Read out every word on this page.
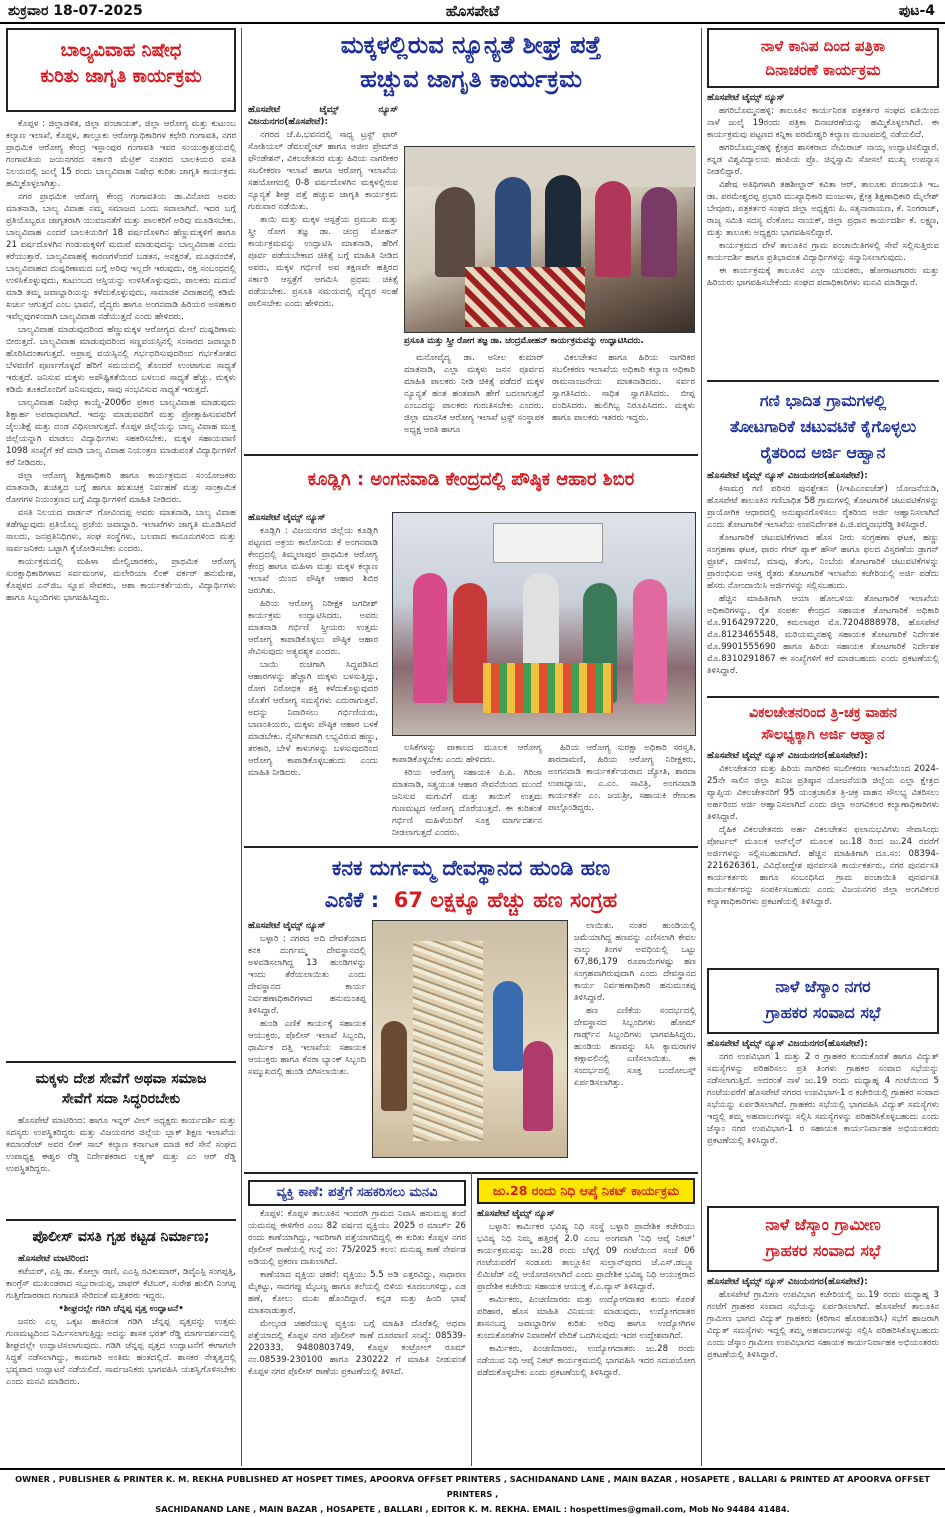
ಶುಕ್ರವಾರ 18-07-2025	ಹೊಸಪೇಟೆ	ಪುಟ-4
ಬಾಲ್ಯವಿವಾಹ ನಿಷೇಧ
ಕುರಿತು ಜಾಗೃತಿ ಕಾರ್ಯಕ್ರಮ

ಕೊಪ್ಪಳ : ಜಿಲ್ಲಾಡಳಿತ, ಜಿಲ್ಲಾ ಪಂಚಾಯತ್, ಜಿಲ್ಲಾ ಆರೋಗ್ಯ ಮತ್ತು ಕುಟುಂಬ ಕಲ್ಯಾಣ ಇಲಾಖೆ, ಕೊಪ್ಪಳ, ತಾಲ್ಲೂಕು ಆರೋಗ್ಯಾಧಿಕಾರಿಗಳ ಕಛೇರಿ ಗಂಗಾವತಿ, ನಗರ ಪ್ರಾಥಮಿಕ ಆರೋಗ್ಯ ಕೇಂದ್ರ ಇಸ್ಲಾಂಪುರ ಗಂಗಾವತಿ ಇವರ ಸಂಯುಕ್ತಾಶ್ರಯದಲ್ಲಿ ಗಂಗಾವತಿಯ ಜಯನಗರದ ಸರ್ಕಾರಿ ಮೆಟ್ರಿಕ್ ನಂತರದ ಬಾಲಕಿಯರ ವಸತಿ ನಿಲಯದಲ್ಲಿ ಜುಲೈ 15 ರಂದು ಬಾಲ್ಯವಿವಾಹ ನಿಷೇಧ ಕುರಿತು ಜಾಗೃತಿ ಕಾರ್ಯಕ್ರಮ ಹಮ್ಮಿಕೊಳ್ಳಲಾಗಿತ್ತು.

ನಗರ ಪ್ರಾಥಮಿಕ ಆರೋಗ್ಯ ಕೇಂದ್ರ ಗಂಗಾವತಿಯ ಡಾ.ವಿನೋದ ಅವರು ಮಾತನಾಡಿ, ಬಾಲ್ಯ ವಿವಾಹ ನಮ್ಮ ಸಮಾಜದ ಒಂದು ಸವಾಲಾಗಿದೆ. ಇದರ ಬಗ್ಗೆ ಪ್ರತಿಯೊಬ್ಬರೂ ಜಾಗೃತರಾಗಿ ಯುವಜನತೆಗೆ ಮತ್ತು ಪಾಲಕರಿಗೆ ಅರಿವು ಮೂಡಿಸಬೇಕು. ಬಾಲ್ಯವಿವಾಹ ಎಂದರೆ ಬಾಲಕಿಯರಿಗೆ 18 ವರ್ಷದೊಳಗಿನ ಹೆಣ್ಣುಮಕ್ಕಳಿಗೆ ಹಾಗೂ 21 ವರ್ಷದೊಳಗಿನ ಗಂಡುಮಕ್ಕಳಿಗೆ ಮದುವೆ ಮಾಡುವುದನ್ನು ಬಾಲ್ಯವಿವಾಹ ಎಂದು ಕರೆಯುತ್ತಾರೆ. ಬಾಲ್ಯವಿವಾಹಕ್ಕೆ ಕಾರಣಗಳೆಂದರೆ ಬಡತನ, ಅನಕ್ಷರತೆ, ಮೂಢನಂಬಿಕೆ, ಬಾಲ್ಯವಿವಾಹದ ದುಷ್ಪರಿಣಾಮದ ಬಗ್ಗೆ ಅರಿವು ಇಲ್ಲದೇ ಇರುವುದು, ರಕ್ತ ಸಂಬಂಧದಲ್ಲಿ ಉಳಿಸಿಕೊಳ್ಳುವುದು, ಕುಟುಂಬದ ಆಸ್ತಿಯನ್ನು ಉಳಿಸಿಕೊಳ್ಳುವುದು, ಪಾಲಕರು ಮದುವೆ ಮಾಡಿ ತಮ್ಮ ಜವಾಬ್ದಾರಿಯನ್ನು ಕಳೆದುಕೊಳ್ಳುವುದು, ಸಾಮಾಜಿಕ ವಿವಾಹದಲ್ಲಿ ಕಡಿಮೆ ಖರ್ಚು ಆಗುತ್ತದೆ ಎಂಬ ಭಾವನೆ, ವೈದ್ಯರು ಹಾಗೂ ಅಂಗನವಾಡಿ ಹಿರಿಯರ ಅಸಹಕಾರ ಇವೆಲ್ಲವುಗಳಿಂದಾಗಿ ಬಾಲ್ಯವಿವಾಹ ನಡೆಯುತ್ತದೆ ಎಂದು ಹೇಳಿದರು.

ಬಾಲ್ಯವಿವಾಹ ಮಾಡುವುದರಿಂದ ಹೆಣ್ಣುಮಕ್ಕಳ ಆರೋಗ್ಯದ ಮೇಲೆ ದುಷ್ಪರಿಣಾಮ ಬೀರುತ್ತದೆ. ಬಾಲ್ಯವಿವಾಹ ಮಾಡುವುದರಿಂದ ಸಣ್ಣವಯಸ್ಸಿನಲ್ಲಿ ಸಂಸಾರದ ಜವಾಬ್ದಾರಿ ಹೊರಿಸಿದಂತಾಗುತ್ತದೆ. ಅಪ್ರಾಪ್ತ ವಯಸ್ಸಿನಲ್ಲಿ ಗರ್ಭಧರಿಸುವುದರಿಂದ ಗರ್ಭಕೋಶದ ಬೆಳವಣಿಗೆ ಪೂರ್ಣಗೊಳ್ಳದೆ ಹೆರಿಗೆ ಸಮಯದಲ್ಲಿ ತೊಂದರೆ ಉಂಟಾಗುವ ಸಾಧ್ಯತೆ ಇರುತ್ತದೆ. ಜನಿಸುವ ಮಕ್ಕಳು ಅಪೌಷ್ಟಿಕತೆಯಿಂದ ಬಳಲುವ ಸಾಧ್ಯತೆ ಹೆಚ್ಚು. ಮಕ್ಕಳು ಕಡಿಮೆ ತೂಕದೊಂದಿಗೆ ಜನಿಸುವುದು, ಸಾವು ಸಂಭವಿಸುವ ಸಾಧ್ಯತೆ ಇರುತ್ತದೆ.

ಬಾಲ್ಯವಿವಾಹ ನಿಷೇಧ ಕಾಯ್ದೆ-2006ರ ಪ್ರಕಾರ ಬಾಲ್ಯವಿವಾಹ ಮಾಡುವುದು ಶಿಕ್ಷಾರ್ಹ ಅಪರಾಧವಾಗಿದೆ. ಇದನ್ನು ಮಾಡುವವರಿಗೆ ಮತ್ತು ಪ್ರೋತ್ಸಾಹಿಸುವವರಿಗೆ ಜೈಲುಶಿಕ್ಷೆ ಮತ್ತು ದಂಡ ವಿಧಿಸಲಾಗುತ್ತದೆ. ಕೊಪ್ಪಳ ಜಿಲ್ಲೆಯನ್ನು ಬಾಲ್ಯ ವಿವಾಹ ಮುಕ್ತ ಜಿಲ್ಲೆಯನ್ನಾಗಿ ಮಾಡಲು ವಿದ್ಯಾರ್ಥಿಗಳು ಸಹಕರಿಸಬೇಕು. ಮಕ್ಕಳ ಸಹಾಯವಾಣಿ 1098 ಸಂಖ್ಯೆಗೆ ಕರೆ ಮಾಡಿ ಬಾಲ್ಯ ವಿವಾಹ ನಿಯಂತ್ರಣ ಮಾಡುವಂತೆ ವಿದ್ಯಾರ್ಥಿಗಳಿಗೆ ಕರೆ ನೀಡಿದರು.

ಜಿಲ್ಲಾ ಆರೋಗ್ಯ ಶಿಕ್ಷಣಾಧಿಕಾರಿ ಹಾಗೂ ಕಾರ್ಯಕ್ರಮದ ಸಂಯೋಜಕರು ಮಾತನಾಡಿ, ಶುಚಿತ್ವದ ಬಗ್ಗೆ ಹಾಗೂ ಋತುಚಕ್ರ ನಿರ್ವಹಣೆ ಮತ್ತು ಸಾಂಕ್ರಾಮಿಕ ರೋಗಗಳ ನಿಯಂತ್ರಣದ ಬಗ್ಗೆ ವಿದ್ಯಾರ್ಥಿಗಳಿಗೆ ಮಾಹಿತಿ ನೀಡಿದರು.

ವಸತಿ ನಿಲಯದ ವಾರ್ಡನ್ ಗೋವಿಂದಪ್ಪ ಅವರು ಮಾತನಾಡಿ, ಬಾಲ್ಯ ವಿವಾಹ ತಡೆಗಟ್ಟುವುದು ಪ್ರತಿಯೊಬ್ಬ ಪ್ರಜೆಯ ಜವಾಬ್ದಾರಿ. ಇಲಾಖೆಗಳು ಜಾಗೃತಿ ಮೂಡಿಸಿದರೆ ಸಾಲದು, ಜನಪ್ರತಿನಿಧಿಗಳು, ಸಂಘ ಸಂಸ್ಥೆಗಳು, ಬಲವಾದ ಕಾನೂನುಗಳಿಂದ ಮತ್ತು ಸಾರ್ವಜನಿಕರು ಒಟ್ಟಾಗಿ ಕೈಜೋಡಿಸಬೇಕು ಎಂದರು.

ಕಾರ್ಯಕ್ರಮದಲ್ಲಿ ಮಹಿಳಾ ಮೇಲ್ವಿಚಾರಕರು, ಪ್ರಾಥಮಿಕ ಆರೋಗ್ಯ ಸುರಕ್ಷಾಧಿಕಾರಿಗಳಾದ ಸರ್ವಮಂಗಳ, ಮಲೇರಿಯಾ ಲಿಂಕ್ ವರ್ಕರ್ ಹನುಮೇಶ, ಕೊಪ್ಪಳದ ಎನ್‌ಜಿಒ ಸ್ನೂಪ ಸೇವಕರು, ಆಶಾ ಕಾರ್ಯಕರ್ತೆಯರು, ವಿದ್ಯಾರ್ಥಿಗಳು ಹಾಗೂ ಸಿಬ್ಬಂದಿಗಳು ಭಾಗವಹಿಸಿದ್ದರು.

ಮಕ್ಕಳು ದೇಶ ಸೇವೆಗೆ ಅಥವಾ ಸಮಾಜ
ಸೇವೆಗೆ ಸದಾ ಸಿದ್ಧರಿರಬೇಕು

ಹೊಸಪೇಟೆ ಮಾಟಿರಿಂದ: ಹಾಗೂ ಇನ್ನರ್ ವೀಲ್ ಅಧ್ಯಕ್ಷರು ಕಾರ್ಯದರ್ಶಿ ಮತ್ತು ಸದಸ್ಯರು ಉಪಸ್ಥಿತರಿದ್ದರು ಮತ್ತು ವಿಜಯನಗರ ಜಿಲ್ಲೆಯ ಬ್ಲಾಕ್ ಶಿಕ್ಷಣ ಇಲಾಖೆಯ ಕಮಾಂಡೆಂಟ್ ಅವರ ಲೀಕ್ ಸಾಬ್ ಕಲ್ಯಾಣ ಕರ್ನಾಟಕ ಮಾಜಿ ಕರೆ ಸೇನೆ ಸಂಘದ ಉಪಾಧ್ಯಕ್ಷ ಈಶ್ವರ ರೆಡ್ಡಿ ನಿರ್ದೇಶಕರಾದ ಲಕ್ಷ್ಮಣ್ ಮತ್ತು ಎಂ ಆರ್ ರೆಡ್ಡಿ ಉಪಸ್ಥಿತರಿದ್ದರು.

ಪೊಲೀಸ್ ವಸತಿ ಗೃಹ ಕಟ್ಟಡ ನಿರ್ಮಾಣ;

ಹೊಸಪೇಟೆ ಮಾಟಿರಿಂದ:

ಕಟೆಯರ್, ಎಸ್ಪಿ ಡಾ. ಕೋಲ್ಲಾ ರಾಣಿ, ಎಎಸ್ಪಿ ರವಿಕುಮಾರ್, ಡಿವೈಎಸ್ಪಿ ಸಂಗಪ್ಪತ್ತಿ, ಕಾಂಗ್ರೆಸ್ ಮುಖಂಡರಾದ ಸಬ್ಬುರಾಯಪ್ಪ, ಜಾಫರ್ ಕೆಟಿಬರ್, ಸುರೇಶ ಹುಲಿಗಿ ನಿಂಗಪ್ಪ ಗುತ್ತಿಗೆದಾರರಾದ ಗಂಗಾವತಿ ಸೇರಿದಂತೆ ಮತ್ತಿತರರು ಇದ್ದರು.

•ಶೀಘ್ರದಲ್ಲೇ ಗಡಿಗಿ ಚೆನ್ನಪ್ಪ ವೃತ್ತ ಉದ್ಘಾಟನೆ•

ಜನರು ಎಲ್ಲ ಒಕ್ಕಟ ಹಾಕಿದಂತ ಗಡಿಗಿ ಚೆನ್ನಪ್ಪ ವೃತ್ತವನ್ನು ಉತ್ತಮ ಗುಣಮಟ್ಟದಿಂದ ನಿರ್ಮಿಸಲಾಗುತ್ತಿದ್ದು ಅದನ್ನು ಶಾಸಕ ಭರತ್ ರೆಡ್ಡಿ ಮಾರ್ಗದರ್ಶನದಲ್ಲಿ ಶೀಘ್ರದಲ್ಲೇ ಉದ್ಘಾಟಿಸಲಾಗುವುದು. ಗಡಿಗಿ ಚೆನ್ನಪ್ಪ ವೃತ್ತದ ಉದ್ಘಾಟನೆಗೆ ಈಗಾಗಲೇ ಸಿದ್ಧತೆ ನಡೆಸಲಾಗಿದ್ದು, ಕಾಮಗಾರಿ ಅಂತಿಮ ಹಂತದಲ್ಲಿದೆ. ಶಾಸಕರ ನೇತೃತ್ವದಲ್ಲಿ ಭವ್ಯವಾದ ಉದ್ಘಾಟನೆ ನಡೆಯಲಿದೆ. ಸಾರ್ವಜನಿಕರು ಭಾಗವಹಿಸಿ ಯಶಸ್ವಿಗೊಳಿಸಬೇಕು ಎಂದು ಮನವಿ ಮಾಡಿದರು.

ಮಕ್ಕಳಲ್ಲಿರುವ ನ್ಯೂನ್ಯತೆ ಶೀಘ್ರ ಪತ್ತೆ
ಹಚ್ಚುವ ಜಾಗೃತಿ ಕಾರ್ಯಕ್ರಮ

ಹೊಸಪೇಟೆ ಟೈಮ್ಸ್ ನ್ಯೂಸ್ ವಿಜಯನಗರ(ಹೊಸಪೇಟೆ):

ನಗರದ ಜೆ.ಪಿ.ಭವನದಲ್ಲಿ ಸಾಧ್ಯ ಟ್ರಸ್ಟ್ ಫಾರ್ ಸೋಶಿಯಲ್ ಡೆವಲಪ್ಮೆಂಟ್ ಹಾಗೂ ಅಜೀಂ ಪ್ರೇಮ್‌ಜಿ ಫೌಂಡೇಶನ್, ವಿಕಲಚೇತನರ ಮತ್ತು ಹಿರಿಯ ನಾಗರೀಕರ ಸಬಲೀಕರಣ ಇಲಾಖೆ ಹಾಗೂ ಆರೋಗ್ಯ ಇಲಾಖೆಯ ಸಹಯೋಗದಲ್ಲಿ 0-8 ವರ್ಷದೊಳಗಿನ ಮಕ್ಕಳಲ್ಲಿರುವ ನ್ಯೂನ್ಯತೆ ಶೀಘ್ರ ಪತ್ತೆ ಹಚ್ಚುವ ಜಾಗೃತಿ ಕಾರ್ಯಕ್ರಮ ಗುರುವಾರ ನಡೆಯಿತು.

ತಾಯಿ ಮತ್ತು ಮಕ್ಕಳ ಆಸ್ಪತ್ರೆಯ ಪ್ರಮುಖ ಮತ್ತು ಸ್ತ್ರೀ ರೋಗ ತಜ್ಞ ಡಾ. ಚಂದ್ರ ಮೋಹನ್ ಕಾರ್ಯಕ್ರಮವನ್ನು ಉದ್ಘಾಟಿಸಿ ಮಾತನಾಡಿ, ಹೆರಿಗೆ ಪೂರ್ವ ಪಡೆಯಬೇಕಾದ ಚಿಕಿತ್ಸೆ ಬಗ್ಗೆ ಮಾಹಿತಿ ನೀಡಿದ ಅವರು, ಮಕ್ಕಳ ಗರ್ಭಿಣಿ ಅವ ತಕ್ಷಣವೇ ಹತ್ತಿರದ ಸರ್ಕಾರಿ ಆಸ್ಪತ್ರೆಗೆ ಆಗಮಿಸಿ ಪ್ರಥಮ ಚಿಕಿತ್ಸೆ ಪಡೆಯಬೇಕು. ಪ್ರಸೂತಿ ಸಮಯದಲ್ಲಿ ವೈದ್ಯರ ಸಲಹೆ ಪಾಲಿಸಬೇಕು ಎಂದು ಹೇಳಿದರು.

ಪ್ರಸೂತಿ ಮತ್ತು ಸ್ತ್ರೀ ರೋಗ ತಜ್ಞ ಡಾ. ಚಂದ್ರಮೋಹನ್ ಕಾರ್ಯಕ್ರಮವನ್ನು ಉದ್ಘಾಟಿಸಿದರು.

ಮನೋವೈದ್ಯ ಡಾ. ಅನೀಲ ಕುಮಾರ್ ಮಾತನಾಡಿ, ಎಲ್ಲಾ ಮಕ್ಕಳು ಜನನ ಪೂರ್ವದ ಮಾಹಿತಿ ಪಾಲಕರು ನೀಡಿ ಚಿಕಿತ್ಸೆ ಪಡೆದರೆ ಮಕ್ಕಳ ನ್ಯೂನ್ಯತೆ ಹಂತ ಹಂತವಾಗಿ ಹೇಗೆ ಬದಲಾಗುತ್ತದೆ ಎಂಬುದನ್ನು ಪಾಲಕರು ಗುರುತಿಸಬೇಕು ಎಂದರು. ಜಿಲ್ಲಾ ಮಾನಸಿಕ ಆರೋಗ್ಯ ಇಲಾಖೆ ಟ್ರಸ್ಟ್ ಸಂಸ್ಥಾಪಕ ಅಧ್ಯಕ್ಷ ಆರತಿ ಹಾಗೂ

ವಿಕಲಚೇತನ ಹಾಗೂ ಹಿರಿಯ ನಾಗರಿಕರ ಸಬಲೀಕರಣ ಇಲಾಖೆಯ ಅಧಿಕಾರಿ ಕಲ್ಯಾಣ ಅಧಿಕಾರಿ ರಾಮನಾಂಜನೇಯ ಮಾತನಾಡಿದರು. ಸರ್ವರ ಸ್ವಾಗತಿಸಿದರು. ಸಾಧಿತ ಸ್ವಾಗತಿಸಿದರು. ಬೀಪ್ಪ ವಂದಿಸಿದರು. ಹುಲಿಗಿಬ್ಬ ನಿರೂಪಿಸಿದರು. ಮಕ್ಕಳು ಹಾಗೂ ಪಾಲಕರು ಇತರರು ಇದ್ದರು.

ಕೂಡ್ಲಿಗಿ : ಅಂಗನವಾಡಿ ಕೇಂದ್ರದಲ್ಲಿ ಪೌಷ್ಠಿಕ ಆಹಾರ ಶಿಬಿರ

ಹೊಸಪೇಟೆ ಟೈಮ್ಸ್ ನ್ಯೂಸ್

ಕೂಡ್ಲಿಗಿ : ವಿಜಯನಗರ ಜಿಲ್ಲೆಯ ಕೂಡ್ಲಿಗಿ ಪಟ್ಟಣದ ಅಕ್ರಯ ಕಾಲೋನಿಯ ಕೆ ಅಂಗನವಾಡಿ ಕೇಂದ್ರದಲ್ಲಿ ತಿಮ್ಮಲಾಪುರ ಪ್ರಾಥಮಿಕ ಆರೋಗ್ಯ ಕೇಂದ್ರ ಹಾಗೂ ಮಹಿಳಾ ಮತ್ತು ಮಕ್ಕಳ ಕಲ್ಯಾಣ ಇಲಾಖೆ ಯಿಂದ ಪೌಷ್ಠಿಕ ಆಹಾರ ಶಿಬಿರ ಜರುಗಿತು.

ಹಿರಿಯ ಆರೋಗ್ಯ ನಿರೀಕ್ಷಕ ಜಗದೀಶ್ ಕಾರ್ಯಕ್ರಮ ಉದ್ಘಾಟಿಸಿದರು. ಅವರು ಮಾತನಾಡಿ ಗರ್ಭಿಣಿ ಸ್ತ್ರೀಯರು ಉತ್ತಮ ಆರೋಗ್ಯ ಕಾಪಾಡಿಕೊಳ್ಳಲು ಪೌಷ್ಠಿಕ ಆಹಾರ ಸೇವಿಸುವುದು ಅತ್ಯವಶ್ಯಕ ಎಂದರು.

ಬಾಯಿ ರುಚಿಗಾಗಿ ಸಿದ್ಧಪಡಿಸಿದ ಆಹಾರಗಳನ್ನು ಹೆಚ್ಚಾಗಿ ಮಕ್ಕಳು ಬಳಸುತ್ತಿದ್ದು, ರೋಗ ನಿರೋಧಕ ಶಕ್ತಿ ಕಳೆದುಕೊಳ್ಳುವುದರ ಜೊತೆಗೆ ಆರೋಗ್ಯ ಸಮಸ್ಯೆಗಳು ಎದುರಾಗುತ್ತವೆ. ಅದನ್ನು ನಿವಾರಿಸಲು ಗರ್ಭಿಣಿಯರು, ಬಾಣಂತಿಯರು, ಮಕ್ಕಳು ಪೌಷ್ಠಿಕ ಆಹಾರ ಬಳಕೆ ಮಾಡಬೇಕು. ನೈಸರ್ಗಿಕವಾಗಿ ಲಭ್ಯವಿರುವ ಹಣ್ಣು, ತರಕಾರಿ, ಬೇಳೆ ಕಾಳುಗಳನ್ನು ಬಳಸುವುದರಿಂದ ಆರೋಗ್ಯ ಕಾಪಾಡಿಕೊಳ್ಳಬಹುದು ಎಂದು ಮಾಹಿತಿ ನೀಡಿದರು.

ಲಸಿಕೆಗಳನ್ನು ಪಾಕಾಲದ ಮೂಲಕ ಆರೋಗ್ಯ ಕಾಪಾಡಿಕೊಳ್ಳಬೇಕು ಎಂದು ಹೇಳಿದರು.

ಕಿರಿಯ ಆರೋಗ್ಯ ಸಹಾಯಕಿ ಪಿ.ಪಿ. ಗಿರಿಜಾ ಮಾತನಾಡಿ, ಸತ್ವಯುತ ಆಹಾರ ಸೇವನೆಯಿಂದ ಮುಂದೆ ಜನಿಸುವ ಮಗುವಿಗೆ ಮತ್ತು ತಾಯಿಗೆ ಉತ್ತಮ ಗುಣಮಟ್ಟದ ಆರೋಗ್ಯ ದೊರೆಯುತ್ತದೆ. ಈ ಕುರಿತಂತೆ ಗರ್ಭಿಣಿ ಮಹಿಳೆಯರಿಗೆ ಸೂಕ್ತ ಮಾರ್ಗದರ್ಶನ ನೀಡಲಾಗುತ್ತದೆ ಎಂದರು.

ಹಿರಿಯ ಆರೋಗ್ಯ ಸುರಕ್ಷಾ ಅಧಿಕಾರಿ ಸರಸ್ವತಿ, ಶಾರದಾಮಣಿ, ಹಿರಿಯ ಆರೋಗ್ಯ ನಿರೀಕ್ಷಕರು, ಅಂಗನವಾಡಿ ಕಾರ್ಯಕರ್ತೆಯರಾದ ಜ್ಯೋತಿ, ಶಾರದಾ ಉಪಾಧ್ಯಾಯ, ಎ.ಎಂ. ಸಾವಿತ್ರಿ, ಅಂಗನವಾಡಿ ಕಾರ್ಯಕರ್ತೆ ಎಂ. ಜಯಶ್ರೀ, ಸಹಾಯಕಿ ರೇಣುಕಾ ಪಾಲ್ಗೊಂಡಿದ್ದರು.

ಕನಕ ದುರ್ಗಮ್ಮ ದೇವಸ್ಥಾನದ ಹುಂಡಿ ಹಣ
ಎಣಿಕೆ : 67 ಲಕ್ಷಕ್ಕೂ ಹೆಚ್ಚು ಹಣ ಸಂಗ್ರಹ

ಹೊಸಪೇಟೆ ಟೈಮ್ಸ್ ನ್ಯೂಸ್

ಬಳ್ಳಾರಿ : ನಗರದ ಅದಿ ದೇವತೆಯಾದ ಕನಕ ದುರ್ಗಮ್ಮ ದೇವಸ್ಥಾನದಲ್ಲಿ ಅಳವಡಿಸಲಾಗಿದ್ದ 13 ಹುಂಡಿಗಳನ್ನು ಇಂದು ತೆರೆಯಲಾಯಿತು ಎಂದು ದೇವಸ್ಥಾನದ ಕಾರ್ಯ ನಿರ್ವಹಣಾಧಿಕಾರಿಗಳಾದ ಹನುಮಂತಪ್ಪ ತಿಳಿಸಿದ್ದಾರೆ.

ಹುಂಡಿ ಎಣಿಕೆ ಕಾರ್ಯಕ್ಕೆ ಸಹಾಯಕ ಆಯುಕ್ತರು, ಪೊಲೀಸ್ ಇಲಾಖೆ ಸಿಬ್ಬಂದಿ, ಧಾರ್ಮಿಕ ದತ್ತಿ ಇಲಾಖೆಯ ಸಹಾಯಕ ಆಯುಕ್ತರು ಹಾಗೂ ಕೆನರಾ ಬ್ಯಾಂಕ್ ಸಿಬ್ಬಂದಿ ಸಮ್ಮುಖದಲ್ಲಿ ಹುಂಡಿ ಬಿಗಿಸಲಾಯಿತು.

ಲಾಯಿತು. ನಂತರ ಹುಂಡಿಯಲ್ಲಿ ಜಮೆಯಾಗಿದ್ದ ಹಣವನ್ನು ಎಣಿಸಲಾಗಿ ಕೇವಲ ನಾಲ್ಕು ತಿಂಗಳ ಅವಧಿಯಲ್ಲಿ ಒಟ್ಟು 67,86,179 ರೂಪಾಯಿಗಳಷ್ಟು ಹಣ ಸಂಗ್ರಹವಾಗಿರುವುದಾಗಿ ಎಂದು ದೇವಸ್ಥಾನದ ಕಾರ್ಯ ನಿರ್ವಹಣಾಧಿಕಾರಿ ಹನುಮಂತಪ್ಪ ತಿಳಿಸಿದ್ದಾರೆ.

ಹಣ ಎಣಿಕೆಯ ಸಂದರ್ಭದಲ್ಲಿ ದೇವಸ್ಥಾನದ ಸಿಬ್ಬಂದಿಗಳು ಹೋಮ್ ಗಾರ್ಡ್ಸ್‌ನ ಸಿಬ್ಬಂದಿಗಳು ಭಾಗವಹಿಸಿದ್ದರು. ಹುಂಡಿಯ ಹಣವನ್ನು ಸಿಸಿ ಕ್ಯಾಮರಾಗಳ ಕಣ್ಗಾವಲಿನಲ್ಲಿ ಎಣಿಸಲಾಯಿತು. ಈ ಸಂದರ್ಭದಲ್ಲಿ ಸೂಕ್ತ ಬಂದೋಬಸ್ತ್ ಏರ್ಪಡಿಸಲಾಗಿತ್ತು.

ವ್ಯಕ್ತಿ ಕಾಣೆ: ಪತ್ತೆಗೆ ಸಹಕರಿಸಲು ಮನವಿ

ಕೊಪ್ಪಳ: ಕೊಪ್ಪಳ ತಾಲೂಕಿನ ಇಂದರಗಿ ಗ್ರಾಮದ ನಿವಾಸಿ ಹನುಮಪ್ಪ ತಂದೆ ಯಮನಪ್ಪ ಈಳಿಗೇರ ಎಂಬ 82 ವರ್ಷದ ವ್ಯಕ್ತಿಯು 2025 ರ ಮಾರ್ಚ್ 26 ರಂದು ಕಾಣೆಯಾಗಿದ್ದು, ಇವರಿಗಾಗಿ ಪತ್ತೆಯಾಗದಿದ್ದಲ್ಲಿ ಈ ಕುರಿತು ಕೊಪ್ಪಳ ನಗರ ಪೊಲೀಸ್ ಠಾಣೆಯಲ್ಲಿ ಗುನ್ನೆ ನಂ: 75/2025 ಕಲಂ: ಮನುಷ್ಯ ಕಾಣೆ ನೇರ್ಪಡ ಅಡಿಯಲ್ಲಿ ಪ್ರಕರಣ ದಾಖಲಾಗಿದೆ.

ಕಾಣೆಯಾದ ವ್ಯಕ್ತಿಯ ಚಹರೆ: ವ್ಯಕ್ತಿಯು 5.5 ಅಡಿ ಎತ್ತರವಿದ್ದು, ಸಾಧಾರಣ ಮೈಕಟ್ಟು, ಸಾದಗಪ್ಪು ಮೈಬಣ್ಣ ಹಾಗೂ ತಲೆಯಲ್ಲಿ ಬಿಳಿಯ ಕೂದಲುಗಳಿದ್ದು, ಎಡ ಹಣೆ, ಕೋಲು ಮುಖ ಹೊಂದಿದ್ದಾರೆ. ಕನ್ನಡ ಮತ್ತು ಹಿಂದಿ ಭಾಷೆ ಮಾತನಾಡುತ್ತಾರೆ.

ಮೇಲ್ಕಂಡ ಚಹರೆಯುಳ್ಳ ವ್ಯಕ್ತಿಯ ಬಗ್ಗೆ ಮಾಹಿತಿ ದೊರೆತಲ್ಲಿ ಅಥವಾ ಪತ್ತೆಯಾದಲ್ಲಿ ಕೊಪ್ಪಳ ನಗರ ಪೊಲೀಸ್ ಠಾಣೆ ದೂರವಾಣಿ ಸಂಖ್ಯೆ: 08539-220333, 9480803749, ಕೊಪ್ಪಳ ಕಂಟ್ರೋಲ್ ರೂಮ್ ನಂ.08539-230100 ಹಾಗೂ 230222 ಗೆ ಮಾಹಿತಿ ನೀಡುವಂತೆ ಕೊಪ್ಪಳ ನಗರ ಪೊಲೀಸ್ ಠಾಣೆಯ ಪ್ರಕಟಣೆಯಲ್ಲಿ ತಿಳಿಸಿದೆ.

ಜು.28 ರಂದು ನಿಧಿ ಆಪ್ಕೆ ನಿಕಟ್ ಕಾರ್ಯಕ್ರಮ

ಹೊಸಪೇಟೆ ಟೈಮ್ಸ್ ನ್ಯೂಸ್

ಬಳ್ಳಾರಿ: ಕಾರ್ಮಿಕರ ಭವಿಷ್ಯ ನಿಧಿ ಸಂಸ್ಥೆ ಬಳ್ಳಾರಿ ಪ್ರಾದೇಶಿಕ ಕಚೇರಿಯು ಭವಿಷ್ಯ ನಿಧಿ ನಿಮ್ಮ ಹತ್ತಿರಕ್ಕೆ 2.0 ಎಂಬ ಅಂಗವಾಗಿ 'ನಿಧಿ ಆಪ್ಕೆ ನಿಕಟ್' ಕಾರ್ಯಕ್ರಮವನ್ನು ಜು.28 ರಂದು ಬೆಳ್ಳಿಗ್ಗೆ 09 ಗಂಟೆಯಿಂದ ಸಂಜೆ 06 ಗಂಟೆಯವರೆಗೆ ಸಂಡೂರು ತಾಲ್ಲೂಕಿನ ಸುಲ್ತಾನ್‌ಪುರದ ಜೆ.ಎಸ್.ಡಬ್ಲ್ಯೂ ಲಿಮಿಟೆಡ್ ನಲ್ಲಿ ಆಯೋಜಿಸಲಾಗಿದೆ ಎಂದು ಪ್ರಾದೇಶಿಕ ಭವಿಷ್ಯ ನಿಧಿ ಆಯುಕ್ತರಾದ ಪ್ರಾದೇಶಿಕ ಕಚೇರಿಯ ಸಹಾಯಕ ಆಯುಕ್ತ ಕೆ.ಎ.ವ್ಯಾಸ್ ತಿಳಿಸಿದ್ದಾರೆ.

ಕಾರ್ಮಿಕರು, ಪಿಂಚಣಿದಾರರು ಮತ್ತು ಉದ್ಯೋಗದಾತರ ಕುಂದು ಕೊರತೆ ಪರಿಹಾರ, ಹೊಸ ಮಾಹಿತಿ ವಿನಿಮಯ ಮಾಡುವುದು, ಉದ್ಯೋಗದಾತರ ಶಾಸನಬದ್ಧ ಜವಾಬ್ದಾರಿಗಳ ಕುರಿತು ಅರಿವು ಹಾಗೂ ಉದ್ಯೋಗಿಗಳ ಕುಂದುಕೊರತೆಗಳ ನಿವಾರಣೆಗೆ ವೇದಿಕೆ ಒದಗಿಸುವುದು ಇದರ ಉದ್ದೇಶವಾಗಿದೆ.

ಕಾರ್ಮಿಕರು, ಪಿಂಚಣಿದಾರರು, ಉದ್ಯೋಗದಾತರು ಜು.28 ರಂದು ನಡೆಯುವ ನಿಧಿ ಆಪ್ಕೆ ನಿಕಟ್ ಕಾರ್ಯಕ್ರಮದಲ್ಲಿ ಭಾಗವಹಿಸಿ ಇದರ ಸದುಪಯೋಗ ಪಡೆದುಕೊಳ್ಳಬೇಕು ಎಂದು ಪ್ರಕಟಣೆಯಲ್ಲಿ ತಿಳಿಸಿದ್ದಾರೆ.

ನಾಳೆ ಕಾನಿಪ ದಿಂದ ಪತ್ರಿಕಾ
ದಿನಾಚರಣೆ ಕಾರ್ಯಕ್ರಮ

ಹೊಸಪೇಟೆ ಟೈಮ್ಸ್ ನ್ಯೂಸ್

ಹಗರಿಬೊಮ್ಮನಹಳ್ಳಿ: ತಾಲೂಕಿನ ಕಾರ್ಯನಿರತ ಪತ್ರಕರ್ತರ ಸಂಘದ ವತಿಯಿಂದ ನಾಳೆ ಜುಲೈ 19ರಂದು ಪತ್ರಿಕಾ ದಿನಾಚರಣೆಯನ್ನು ಹಮ್ಮಿಕೊಳ್ಳಲಾಗಿದೆ. ಈ ಕಾರ್ಯಕ್ರಮವು ಪಟ್ಟಣದ ಕನ್ನಿಕಾ ಪರಮೇಶ್ವರಿ ಕಲ್ಯಾಣ ಮಂಟಪದಲ್ಲಿ ನಡೆಯಲಿದೆ.

ಹಗರಿಬೊಮ್ಮನಹಳ್ಳಿ ಕ್ಷೇತ್ರದ ಶಾಸಕರಾದ ನೇಮಿರಾಜ್ ನಾಯ್ಕ ಉದ್ಘಾಟಿಸಲಿದ್ದಾರೆ. ಕನ್ನಡ ವಿಶ್ವವಿದ್ಯಾಲಯ ಹಂಪಿಯ ಪ್ರೊ. ಚಿನ್ನಸ್ವಾಮಿ ಸೋಸಲೆ ಮುಖ್ಯ ಉಪನ್ಯಾಸ ನೀಡಲಿದ್ದಾರೆ.

ವಿಶೇಷ ಅತಿಥಿಗಳಾಗಿ ತಹಶೀಲ್ದಾರ್ ಕವಿತಾ ಆರ್, ತಾಲೂಕು ಪಂಚಾಯತಿ ಇಒ ಡಾ. ಪರಮೇಶ್ವರಪ್ಪ ಪ್ರಭಾರಿ ಮುಖ್ಯಾಧಿಕಾರಿ ಮಂಜುಳಾ, ಕ್ಷೇತ್ರ ಶಿಕ್ಷಣಾಧಿಕಾರಿ ಮೈಲೇಶ್ ಬೇವೂರು, ಪತ್ರಕರ್ತರ ಸಂಘದ ಜಿಲ್ಲಾ ಅಧ್ಯಕ್ಷರು ಪಿ. ಸತ್ಯನಾರಾಯಣ, ಕೆ. ನಿಂಗರಾಜ್, ರಾಜ್ಯ ಸಮಿತಿ ಸದಸ್ಯ ವೆಂಕೋಬ ನಾಯಕ್, ಜಿಲ್ಲಾ ಪ್ರಧಾನ ಕಾರ್ಯದರ್ಶಿ ಕೆ. ಲಕ್ಷ್ಮಣ, ಮತ್ತು ತಾಲೂಕು ಅಧ್ಯಕ್ಷರು ಭಾಗವಹಿಸಲಿದ್ದಾರೆ.

ಕಾರ್ಯಕ್ರಮದ ವೇಳೆ ತಾಲೂಕಿನ ಗ್ರಾಮ ಪಂಚಾಯಿತಿಗಳಲ್ಲಿ ಸೇವೆ ಸಲ್ಲಿಸುತ್ತಿರುವ ಕಾರ್ಯದರ್ಶಿ ಹಾಗೂ ಪ್ರತಿಭಾವಂತ ವಿದ್ಯಾರ್ಥಿಗಳನ್ನು ಸನ್ಮಾನಿಸಲಾಗುವುದು.

ಈ ಕಾರ್ಯಕ್ರಮಕ್ಕೆ ತಾಲೂಕಿನ ಎಲ್ಲಾ ಯುವಕರು, ಹೋರಾಟಗಾರರು ಮತ್ತು ಹಿರಿಯರು ಭಾಗವಹಿಸಬೇಕೆಂದು ಸಂಘದ ಪದಾಧಿಕಾರಿಗಳು ಮನವಿ ಮಾಡಿದ್ದಾರೆ.

ಗಣಿ ಭಾದಿತ ಗ್ರಾಮಗಳಲ್ಲಿ
ತೋಟಗಾರಿಕೆ ಚಟುವಟಿಕೆ ಕೈಗೊಳ್ಳಲು
ರೈತರಿಂದ ಅರ್ಜಿ ಆಹ್ವಾನ

ಹೊಸಪೇಟೆ ಟೈಮ್ಸ್ ನ್ಯೂಸ್ ವಿಜಯನಗರ(ಹೊಸಪೇಟೆ):

ಕಿಸಾಮಗ್ರ ಗಣಿ ಪರಿಸರ ಪುನಶ್ಚೇತನ (ಸಿಇಪಿಎಂಐಜೆಡ್) ಯೋಜನೆಯಡಿ, ಹೊಸಪೇಟೆ ತಾಲೂಕಿನ ಗಣಿಬಾಧಿತ 58 ಗ್ರಾಮಗಳಲ್ಲಿ ತೋಟಗಾರಿಕೆ ಚಟುವಟಿಕೆಗಳನ್ನು ಪ್ರಾಯೋಗಿಕ ಆಧಾರದಲ್ಲಿ ಅನುಷ್ಠಾನಗೊಳಿಸಲು ರೈತರಿಂದ ಅರ್ಜಿ ಆಹ್ವಾನಿಸಲಾಗಿದೆ ಎಂದು ತೋಟಗಾರಿಕೆ ಇಲಾಖೆಯ ಉಪನಿರ್ದೇಶಕ ಪಿ.ಜಿ.ಪದ್ಮನಾಭರೆಡ್ಡಿ ತಿಳಿಸಿದ್ದಾರೆ.

ತೋಟಗಾರಿಕೆ ಚಟುವಟಿಕೆಗಳಾದ ಹೊಸ ನೀರು ಸಂಗ್ರಹಣಾ ಘಟಕ, ಹಣ್ಣು ಸಂಗ್ರಹಣಾ ಘಟಕ, ಫಾರಂ ಗೇಟ್ ಪ್ಯಾಕ್ ಹೌಸ್ ಹಾಗೂ ಫಲದ ವಿಸ್ತರಣೆಯ ಡ್ರಾಗನ್ ಫ್ರೂಟ್, ದಾಳಿಂಬೆ, ಮಾವು, ತೆಂಗು, ನಿಂಬೆಯ ತೋಟಗಾರಿಕೆ ಚಟುವಟಿಕೆಗಳನ್ನು ಪ್ರಾರಂಭಿಸುವ ಆಸಕ್ತ ರೈತರು ತೋಟಗಾರಿಕೆ ಇಲಾಖೆಯ ಕಚೇರಿಯಲ್ಲಿ ಅರ್ಜಿ ಪಡೆದು ಹೆಸರು ನೋಂದಾಯಿಸಿ ಅರ್ಜಿಗಳನ್ನು ಸಲ್ಲಿಸಬಹುದು.

ಹೆಚ್ಚಿನ ಮಾಹಿತಿಗಾಗಿ ಆಯಾ ಹೋಬಳಿಯ ತೋಟಗಾರಿಕೆ ಇಲಾಖೆಯ ಅಧಿಕಾರಿಗಳನ್ನು, ರೈತ ಸಂಪರ್ಕ ಕೇಂದ್ರದ ಸಹಾಯಕ ತೋಟಗಾರಿಕೆ ಅಧಿಕಾರಿ ಮೊ.9164297220, ಕಮಲಾಪುರ ಮೊ.7204888978, ಹೊಸಪೇಟೆ ಮೊ.8123465548, ಮರಿಯಮ್ಮನಹಳ್ಳಿ ಸಹಾಯಕ ತೋಟಗಾರಿಕೆ ನಿರ್ದೇಶಕ ಮೊ.9901555690 ಹಾಗೂ ಹಿರಿಯ ಸಹಾಯಕ ತೋಟಗಾರಿಕೆ ನಿರ್ದೇಶಕ ಮೊ.8310291867 ಈ ಸಂಖ್ಯೆಗಳಿಗೆ ಕರೆ ಮಾಡಬಹುದು ಎಂದು ಪ್ರಕಟಣೆಯಲ್ಲಿ ತಿಳಿಸಿದ್ದಾರೆ.

ವಿಕಲಚೇತನರಿಂದ ತ್ರಿ-ಚಕ್ರ ವಾಹನ
ಸೌಲಭ್ಯಕ್ಕಾಗಿ ಅರ್ಜಿ ಆಹ್ವಾನ

ಹೊಸಪೇಟೆ ಟೈಮ್ಸ್ ನ್ಯೂಸ್ ವಿಜಯನಗರ(ಹೊಸಪೇಟೆ):

ವಿಕಲಚೇತನರ ಮತ್ತು ಹಿರಿಯ ನಾಗರಿಕರ ಸಬಲೀಕರಣ ಇಲಾಖೆಯಿಂದ 2024-25ನೇ ಸಾಲಿನ ಜಿಲ್ಲಾ ಖನಿಜ ಪ್ರತಿಷ್ಠಾನ ಯೋಜನೆಯಡಿ ಜಿಲ್ಲೆಯ ಎಲ್ಲಾ ಕ್ಷೇತ್ರದ ವ್ಯಾಪ್ತಿಯ ವಿಕಲಚೇತನರಿಗೆ 95 ಯಂತ್ರಚಾಲಿತ ತ್ರಿ-ಚಕ್ರ ವಾಹನ ಸೌಲಭ್ಯ ವಿತರಿಸಲು ಅರ್ಹರಿಂದ ಅರ್ಜಿ ಆಹ್ವಾನಿಸಲಾಗಿದೆ ಎಂದು ಜಿಲ್ಲಾ ಅಂಗವಿಕಲರ ಕಲ್ಯಾಣಾಧಿಕಾರಿಗಳು ತಿಳಿಸಿದ್ದಾರೆ.

ದೈಹಿಕ ವಿಕಲಚೇತನರು ಅರ್ಹ ವಿಕಲಚೇತನ ಫಲಾನುಭವಿಗಳು ಸೇವಾಸಿಂಧು ಪೋರ್ಟಲ್ ಮೂಲಕ ಆನ್‌ಲೈನ್ ಮೂಲಕ ಜು.18 ರಿಂದ ಜು.24 ರವರೆಗೆ ಅರ್ಜಿಗಳನ್ನು ಸಲ್ಲಿಸಬಹುದಾಗಿದೆ. ಹೆಚ್ಚಿನ ಮಾಹಿತಿಗಾಗಿ ದೂ.ಸಂ: 08394-221626361, ವಿವಿಧೋದ್ದೇಶ ಪುನರ್ವಸತಿ ಕಾರ್ಯಕರ್ತರು, ನಗರ ಪುನರ್ವಸತಿ ಕಾರ್ಯಕರ್ತರು ಹಾಗೂ ಸಂಬಂಧಿಸಿದ ಗ್ರಾಮ ಪಂಚಾಯಿತಿ ಪುನರ್ವಸತಿ ಕಾರ್ಯಕರ್ತರನ್ನು ಸಂಪರ್ಕಿಸಬಹುದು ಎಂದು ವಿಜಯನಗರ ಜಿಲ್ಲಾ ಅಂಗವಿಕಲರ ಕಲ್ಯಾಣಾಧಿಕಾರಿಗಳು ಪ್ರಕಟಣೆಯಲ್ಲಿ ತಿಳಿಸಿದ್ದಾರೆ.

ನಾಳೆ ಜೆಸ್ಕಾಂ ನಗರ
ಗ್ರಾಹಕರ ಸಂವಾದ ಸಭೆ

ಹೊಸಪೇಟೆ ಟೈಮ್ಸ್ ನ್ಯೂಸ್ ವಿಜಯನಗರ(ಹೊಸಪೇಟೆ):

ನಗರ ಉಪವಿಭಾಗ 1 ಮತ್ತು 2 ರ ಗ್ರಾಹಕರ ಕುಂದುಕೊರತೆ ಹಾಗೂ ವಿದ್ಯುತ್ ಸಮಸ್ಯೆಗಳನ್ನು ಪರಿಹರಿಸಲು ಪ್ರತಿ ತಿಂಗಳು ಗ್ರಾಹಕರ ಸಂವಾದ ಸಭೆಯನ್ನು ನಡೆಸಲಾಗುತ್ತಿದೆ. ಅದರಂತೆ ನಾಳೆ ಜು.19 ರಂದು ಮಧ್ಯಾಹ್ನ 4 ಗಂಟೆಯಿಂದ 5 ಗಂಟೆಯವರೆಗೆ ಹೊಸಪೇಟೆ ನಗರದ ಉಪವಿಭಾಗ-1 ರ ಕಚೇರಿಯಲ್ಲಿ ಗ್ರಾಹಕರ ಸಂವಾದ ಸಭೆಯನ್ನು ಏರ್ಪಡಿಸಲಾಗಿದೆ. ಗ್ರಾಹಕರು ಸಭೆಯಲ್ಲಿ ಭಾಗವಹಿಸಿ ವಿದ್ಯುತ್ ಸಮಸ್ಯೆಗಳು ಇದ್ದಲ್ಲಿ ತಮ್ಮ ಅಹವಾಲುಗಳನ್ನು ಸಲ್ಲಿಸಿ ಸಮಸ್ಯೆಗಳನ್ನು ಪರಿಹರಿಸಿಕೊಳ್ಳಬಹುದು ಎಂದು ಜೆಸ್ಕಾಂ ನಗರ ಉಪವಿಭಾಗ-1 ರ ಸಹಾಯಕ ಕಾರ್ಯನಿರ್ವಾಹಕ ಅಭಿಯಂತರರು ಪ್ರಕಟಣೆಯಲ್ಲಿ ತಿಳಿಸಿದ್ದಾರೆ.

ನಾಳೆ ಜೆಸ್ಕಾಂ ಗ್ರಾಮೀಣ
ಗ್ರಾಹಕರ ಸಂವಾದ ಸಭೆ

ಹೊಸಪೇಟೆ ಟೈಮ್ಸ್ ನ್ಯೂಸ್ ವಿಜಯನಗರ(ಹೊಸಪೇಟೆ):

ಹೊಸಪೇಟೆ ಗ್ರಾಮೀಣ ಉಪವಿಭಾಗ ಕಚೇರಿಯಲ್ಲಿ ಜು.19 ರಂದು ಮಧ್ಯಾಹ್ನ 3 ಗಂಟೆಗೆ ಗ್ರಾಹಕರ ಸಂವಾದ ಸಭೆಯನ್ನು ಏರ್ಪಡಿಸಲಾಗಿದೆ. ಹೊಸಪೇಟೆ ತಾಲೂಕಿನ ಗ್ರಾಮೀಣ ಭಾಗದ ವಿದ್ಯುತ್ ಗ್ರಾಹಕರು (ಕರಿಗಾನ ಹೊರತುಪಡಿಸಿ) ಸಭೆಗೆ ಹಾಜರಾಗಿ ವಿದ್ಯುತ್ ಸಮಸ್ಯೆಗಳು ಇದ್ದಲ್ಲಿ ತಮ್ಮ ಅಹವಾಲುಗಳನ್ನು ಸಲ್ಲಿಸಿ ಪರಿಹರಿಸಿಕೊಳ್ಳಬಹುದು ಎಂದು ಜೆಸ್ಕಾಂ ಗ್ರಾಮೀಣ ಉಪವಿಭಾಗದ ಸಹಾಯಕ ಕಾರ್ಯನಿರ್ವಾಹಕ ಅಭಿಯಂತರರು ಪ್ರಕಟಣೆಯಲ್ಲಿ ತಿಳಿಸಿದ್ದಾರೆ.

OWNER , PUBLISHER & PRINTER K. M. REKHA PUBLISHED AT HOSPET TIMES, APOORVA OFFSET PRINTERS , SACHIDANAND LANE , MAIN BAZAR , HOSAPETE , BALLARI & PRINTED AT APOORVA OFFSET PRINTERS ,
SACHIDANAND LANE , MAIN BAZAR , HOSAPETE , BALLARI , EDITOR K. M. REKHA. EMAIL : hospettimes@gmail.com, Mob No 94484 41484.
